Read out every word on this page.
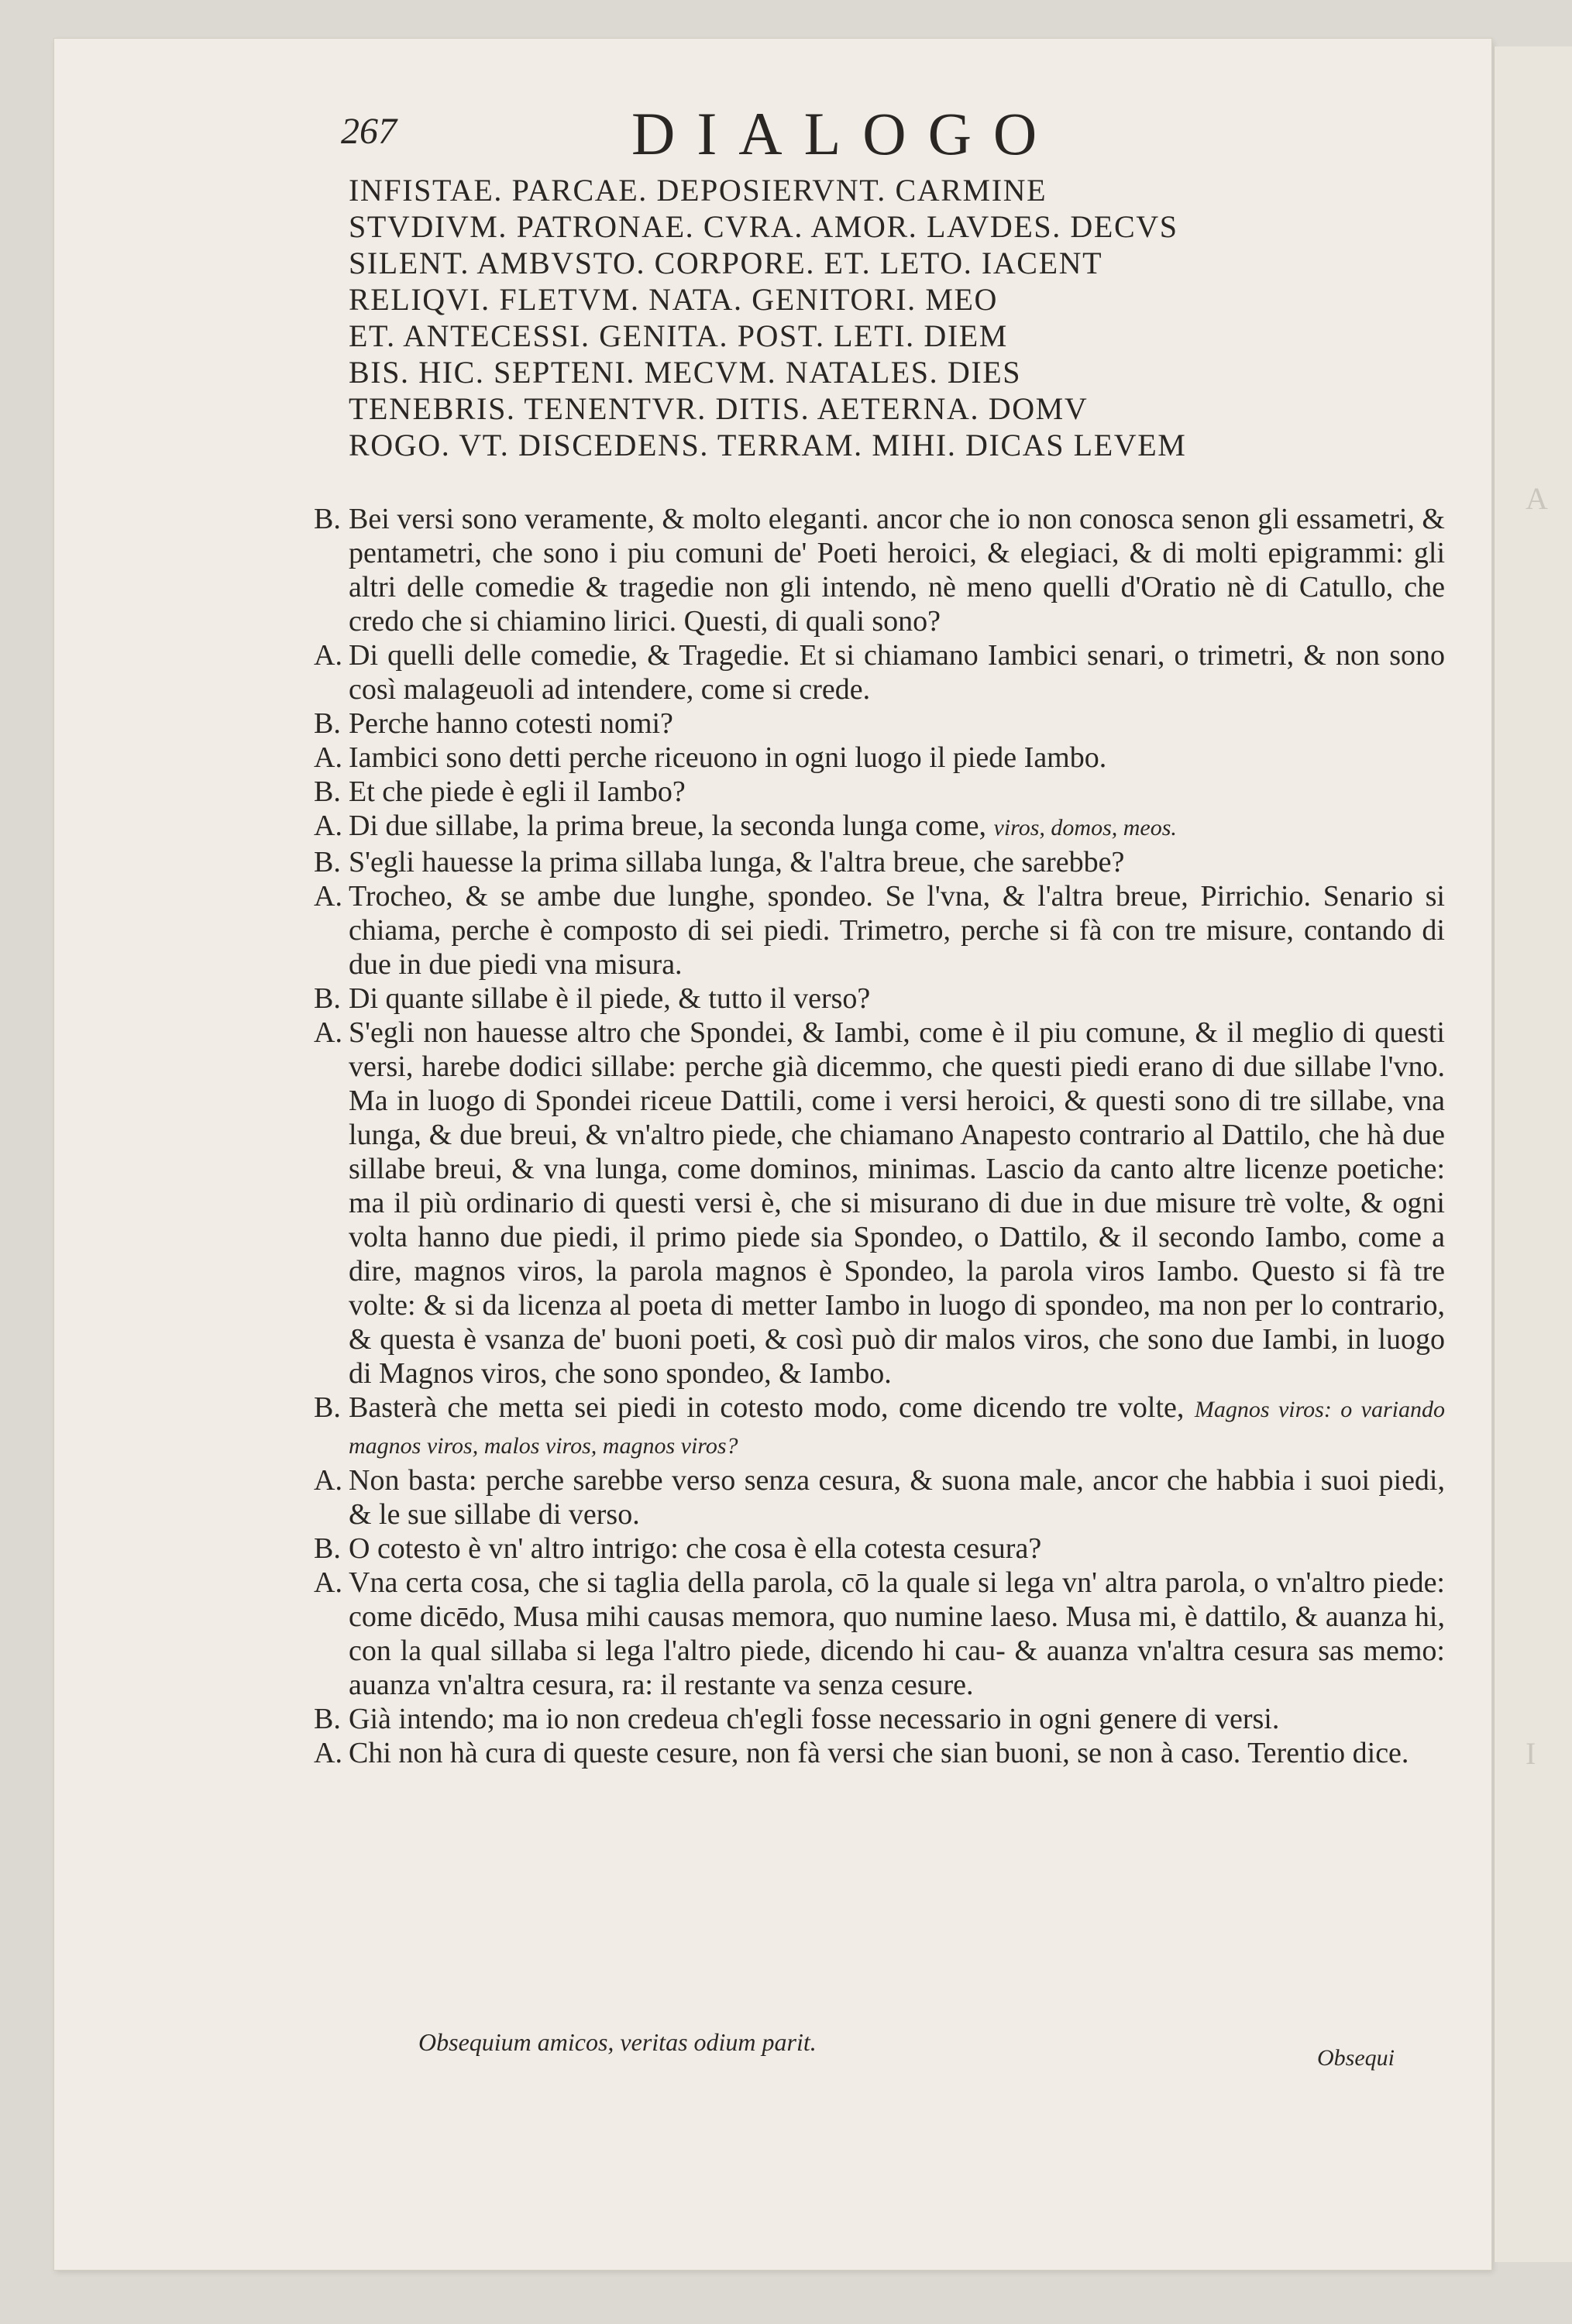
A
I
267	DIALOGO
INFISTAE. PARCAE. DEPOSIERVNT. CARMINE
STVDIVM. PATRONAE. CVRA. AMOR. LAVDES. DECVS
SILENT. AMBVSTO. CORPORE. ET. LETO. IACENT
RELIQVI. FLETVM. NATA. GENITORI. MEO
ET. ANTECESSI. GENITA. POST. LETI. DIEM
BIS. HIC. SEPTENI. MECVM. NATALES. DIES
TENEBRIS. TENENTVR. DITIS. AETERNA. DOMV
ROGO. VT. DISCEDENS. TERRAM. MIHI. DICAS LEVEM
B. Bei versi sono veramente, & molto eleganti. ancor che io non conosca senon gli essametri, & pentametri, che sono i piu comuni de' Poeti heroici, & elegiaci, & di molti epigrammi: gli altri delle comedie & tragedie non gli intendo, nè meno quelli d'Oratio nè di Catullo, che credo che si chiamino lirici. Questi, di quali sono?
A. Di quelli delle comedie, & Tragedie. Et si chiamano Iambici senari, o trimetri, & non sono così malageuoli ad intendere, come si crede.
B. Perche hanno cotesti nomi?
A. Iambici sono detti perche riceuono in ogni luogo il piede Iambo.
B. Et che piede è egli il Iambo?
A. Di due sillabe, la prima breue, la seconda lunga come, viros, domos, meos.
B. S'egli hauesse la prima sillaba lunga, & l'altra breue, che sarebbe?
A. Trocheo, & se ambe due lunghe, spondeo. Se l'vna, & l'altra breue, Pirrichio. Senario si chiama, perche è composto di sei piedi. Trimetro, perche si fà con tre misure, contando di due in due piedi vna misura.
B. Di quante sillabe è il piede, & tutto il verso?
A. S'egli non hauesse altro che Spondei, & Iambi, come è il piu comune, & il meglio di questi versi, harebe dodici sillabe: perche già dicemmo, che questi piedi erano di due sillabe l'vno. Ma in luogo di Spondei riceue Dattili, come i versi heroici, & questi sono di tre sillabe, vna lunga, & due breui, & vn'altro piede, che chiamano Anapesto contrario al Dattilo, che hà due sillabe breui, & vna lunga, come dominos, minimas. Lascio da canto altre licenze poetiche: ma il più ordinario di questi versi è, che si misurano di due in due misure trè volte, & ogni volta hanno due piedi, il primo piede sia Spondeo, o Dattilo, & il secondo Iambo, come a dire, magnos viros, la parola magnos è Spondeo, la parola viros Iambo. Questo si fà tre volte: & si da licenza al poeta di metter Iambo in luogo di spondeo, ma non per lo contrario, & questa è vsanza de' buoni poeti, & così può dir malos viros, che sono due Iambi, in luogo di Magnos viros, che sono spondeo, & Iambo.
B. Basterà che metta sei piedi in cotesto modo, come dicendo tre volte, Magnos viros: o variando magnos viros, malos viros, magnos viros?
A. Non basta: perche sarebbe verso senza cesura, & suona male, ancor che habbia i suoi piedi, & le sue sillabe di verso.
B. O cotesto è vn' altro intrigo: che cosa è ella cotesta cesura?
A. Vna certa cosa, che si taglia della parola, cō la quale si lega vn' altra parola, o vn'altro piede: come dicēdo, Musa mihi causas memora, quo numine laeso. Musa mi, è dattilo, & auanza hi, con la qual sillaba si lega l'altro piede, dicendo hi cau- & auanza vn'altra cesura sas memo: auanza vn'altra cesura, ra: il restante va senza cesure.
B. Già intendo; ma io non credeua ch'egli fosse necessario in ogni genere di versi.
A. Chi non hà cura di queste cesure, non fà versi che sian buoni, se non à caso. Terentio dice.
Obsequium amicos, veritas odium parit.
Obsequi
